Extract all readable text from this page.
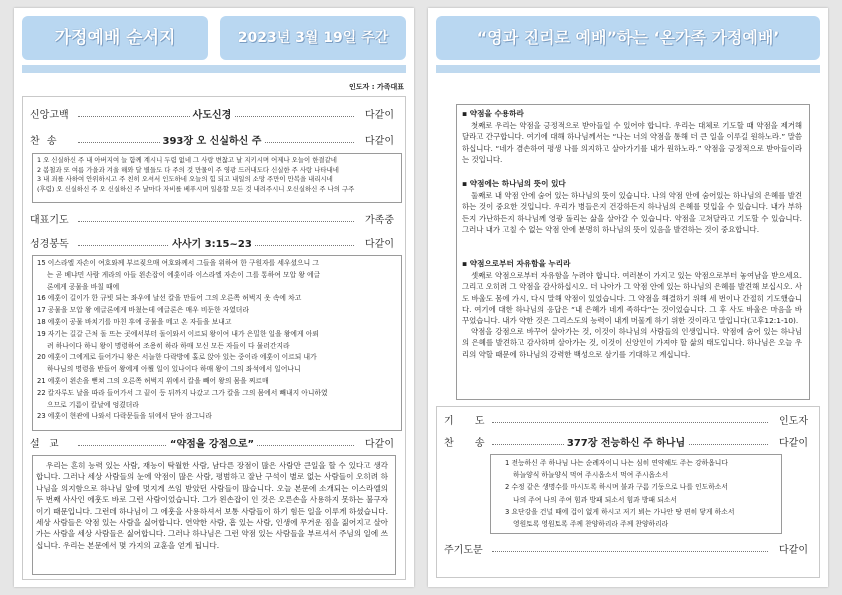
가정예배 순서지	2023년 3월 19일 주간
인도자 : 가족대표
신앙고백	사도신경	다같이
찬 송	393장 오 신실하신 주	다같이

1 오 신실하신 주 내 아버지여 늘 함께 계시니 두렴 없네 그 사랑 변찮고 날 지키시며 어제나 오늘이 한결같네

2 봄철과 또 여름 가을과 겨울 해와 달 별들도 다 주의 것 만물이 주 영광 드러내도다 신실한 주 사랑 나타내네

3 내 죄를 사하여 안위하시고 주 친히 오셔서 인도하네 오늘의 힘 되고 내일의 소망 주만이 만복을 내리시네

(후렴) 오 신실하신 주 오 신실하신 주 날마다 자비를 베푸시며 일용할 모든 것 내려주시니 오신실하신 주 나의 구주

대표기도	가족중
성경봉독	사사기 3:15~23	다같이

15 이스라엘 자손이 여호와께 부르짖으매 여호와께서 그들을 위하여 한 구원자를 세우셨으니 그

는 곧 베냐민 사람 게라의 아들 왼손잡이 에훗이라 이스라엘 자손이 그를 통하여 모압 왕 에글

론에게 공물을 바칠 때에

16 에훗이 길이가 한 규빗 되는 좌우에 날선 칼을 만들어 그의 오른쪽 허벅지 옷 속에 차고

17 공물을 모압 왕 에글론에게 바쳤는데 에글론은 매우 비둔한 자였더라

18 에훗이 공물 바치기를 마친 후에 공물을 메고 온 자들을 보내고

19 자기는 길갈 근처 돌 뜨는 곳에서부터 돌이와서 이르되 왕이여 내가 은밀한 일을 왕에게 아뢰

려 하나이다 하니 왕이 명령하여 조용히 하라 하매 모신 모든 자들이 다 물러간지라

20 에훗이 그에게로 들어가니 왕은 서늘한 다락방에 홀로 앉아 있는 중이라 에훗이 이르되 내가

하나님의 명령을 받들어 왕에게 아뢸 일이 있나이다 하매 왕이 그의 좌석에서 일어나니

21 에훗이 왼손을 뻗쳐 그의 오른쪽 허벅지 위에서 칼을 빼어 왕의 몸을 찌르매

22 칼자루도 날을 따라 들어가서 그 끝이 등 뒤까지 나갔고 그가 칼을 그의 몸에서 빼내지 아니하였

으므로 기름이 칼날에 엉겼더라

23 에훗이 현관에 나와서 다락문들을 뒤에서 닫아 잠그니라

설 교	“약점을 강점으로”	다같이
우리는 흔히 능력 있는 사람, 재능이 탁월한 사람, 남다른 장점이 많은 사람만 큰일을 할 수 있다고 생각합니다. 그러나 세상 사람들의 눈에 약점이 많은 사람, 평범하고 잘난 구석이 별로 없는 사람들이 오히려 하나님을 의지함으로 하나님 앞에 멋지게 쓰임 받았던 사람들이 많습니다. 오늘 본문에 소개되는 이스라엘의 두 번째 사사인 에훗도 바로 그런 사람이었습니다. 그가 왼손잡이 인 것은 오른손을 사용하지 못하는 불구자이기 때문입니다. 그런데 하나님이 그 에훗을 사용하셔서 보통 사람들이 하기 힘든 일을 이루게 하셨습니다. 세상 사람들은 약점 있는 사람을 싫어합니다. 연약한 사람, 흠 있는 사람, 인생에 무거운 짐을 짊어지고 살아가는 사람을 세상 사람들은 싫어합니다. 그러나 하나님은 그런 약점 있는 사람들을 부르셔서 주님의 일에 쓰십니다. 우리는 본문에서 몇 가지의 교훈을 얻게 됩니다.
“영과 진리로 예배”하는 ‘온가족 가정예배’
▪ 약점을 수용하라

첫째로 우리는 약점을 긍정적으로 받아들일 수 있어야 합니다. 우리는 대체로 기도할 때 약점을 제거해 달라고 간구합니다. 여기에 대해 하나님께서는 “나는 너의 약점을 통해 더 큰 일을 이루길 원하노라.” 말씀하십니다. “네가 겸손하여 평생 나를 의지하고 살아가기를 내가 원하노라.” 약점을 긍정적으로 받아들이라는 것입니다.

▪ 약점에는 하나님의 뜻이 있다

둘째로 내 약점 안에 숨어 있는 하나님의 뜻이 있습니다. 나의 약점 안에 숨어있는 하나님의 은혜를 발견하는 것이 중요한 것입니다. 우리가 병들은지 건강하든지 하나님의 은혜를 덧입을 수 있습니다. 내가 부하든지 가난하든지 하나님께 영광 돌리는 삶을 살아갈 수 있습니다. 약점을 고쳐달라고 기도할 수 있습니다. 그러나 내가 고칠 수 없는 약점 안에 분명히 하나님의 뜻이 있음을 발견하는 것이 중요합니다.

▪ 약점으로부터 자유함을 누리라

셋째로 약점으로부터 자유함을 누려야 합니다. 여러분이 가지고 있는 약점으로부터 놓여남을 받으세요. 그리고 오히려 그 약점을 감사하십시오. 더 나아가 그 약점 안에 있는 하나님의 은혜를 발견해 보십시오. 사도 바울도 몸에 가시, 다시 말해 약점이 있었습니다. 그 약점을 해결하기 위해 세 번이나 간절히 기도했습니다. 여기에 대한 하나님의 응답은 “내 은혜가 네게 족하다”는 것이었습니다. 그 후 사도 바울은 마음을 바꾸었습니다. 내가 약한 것은 그리스도의 능력이 내게 머물게 하기 위한 것이라고 말입니다(고후12:1-10).

약점을 강점으로 바꾸어 살아가는 것, 이것이 하나님의 사람들의 인생입니다. 약점에 숨어 있는 하나님의 은혜를 발견하고 감사하며 살아가는 것, 이것이 신앙인이 가져야 할 삶의 태도입니다. 하나님은 오늘 우리의 약할 때문에 하나님의 강력한 백성으로 삼기를 기대하고 계십니다.

기 도	인도자
찬 송	377장 전능하신 주 하나님	다같이

1 전능하신 주 하나님 나는 순례자이니 나는 심히 연약해도 주는 강하옵니다

하늘양식 하늘양식 먹여 주시옵소서 먹여 주시옵소서

2 수정 같은 생명수를 마시도록 하시며 불과 구름 기둥으로 나를 인도하소서

나의 주여 나의 주여 힘과 방패 되소서 힘과 방패 되소서

3 요단강을 건널 때에 겁이 없게 하시고 저기 뵈는 가나안 땅 편히 닿게 하소서

영원토록 영원토록 주께 찬양하리라 주께 찬양하리라

주기도문	다같이
